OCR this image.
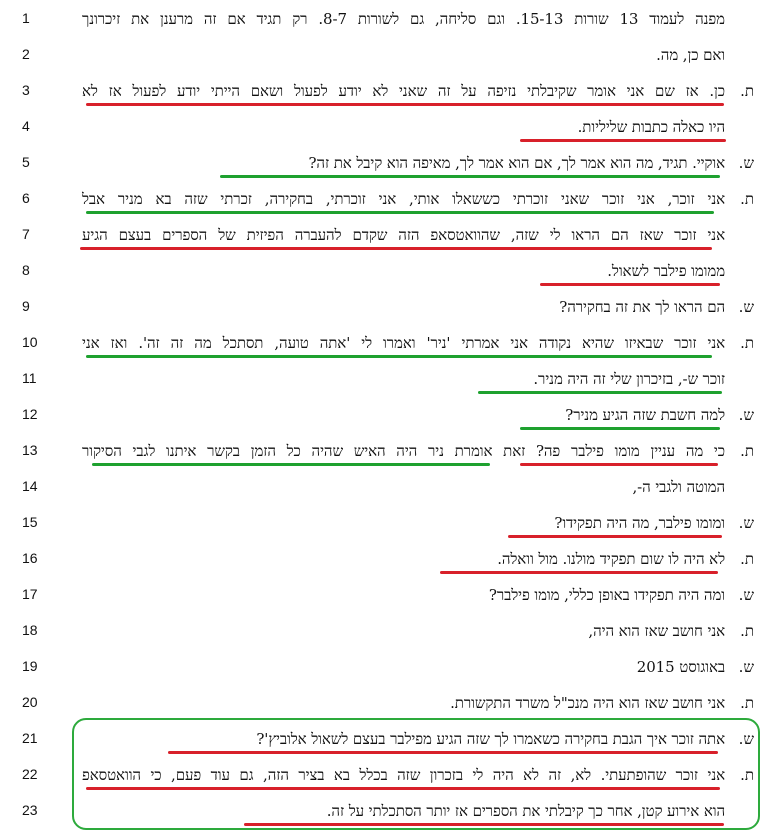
1	מפנה לעמוד 13 שורות 15-13. וגם סליחה, גם לשורות 8-7. רק תגיד אם זה מרענן את זיכרונך
2	ואם כן, מה.
3	ת.
כן. אז שם אני אומר שקיבלתי נזיפה על זה שאני לא יודע לפעול ושאם הייתי יודע לפעול אז לא
4	היו כאלה כתבות שליליות.
5	ש.
אוקיי. תגיד, מה הוא אמר לך, אם הוא אמר לך, מאיפה הוא קיבל את זה?
6	ת.
אני זוכר, אני זוכר שאני זוכרתי כששאלו אותי, אני זוכרתי, בחקירה, זכרתי שזה בא מניר אבל
7	אני זוכר שאז הם הראו לי שזה, שהוואטסאפ הזה שקדם להעברה הפיזית של הספרים בעצם הגיע
8	ממומו פילבר לשאול.
9	ש.
הם הראו לך את זה בחקירה?
10	ת.
אני זוכר שבאיזו שהיא נקודה אני אמרתי 'ניר' ואמרו לי 'אתה טועה, תסתכל מה זה זה'. ואז אני
11	זוכר ש-, בזיכרון שלי זה היה מניר.
12	ש.
למה חשבת שזה הגיע מניר?
13	ת.
כי מה עניין מומו פילבר פה? זאת אומרת ניר היה האיש שהיה כל הזמן בקשר איתנו לגבי הסיקור
14	המוטה ולגבי ה-,
15	ש.
ומומו פילבר, מה היה תפקידו?
16	ת.
לא היה לו שום תפקיד מולנו. מול וואלה.
17	ש.
ומה היה תפקידו באופן כללי, מומו פילבר?
18	ת.
אני חושב שאז הוא היה,
19	ש.
באוגוסט 2015
20	ת.
אני חושב שאז הוא היה מנכ"ל משרד התקשורת.
21	ש.
אתה זוכר איך הגבת בחקירה כשאמרו לך שזה הגיע מפילבר בעצם לשאול אלוביץ'?
22	ת.
אני זוכר שהופתעתי. לא, זה לא היה לי בזכרון שזה בכלל בא בציר הזה, גם עוד פעם, כי הוואטסאפ
23	הוא אירוע קטן, אחר כך קיבלתי את הספרים אז יותר הסתכלתי על זה.
